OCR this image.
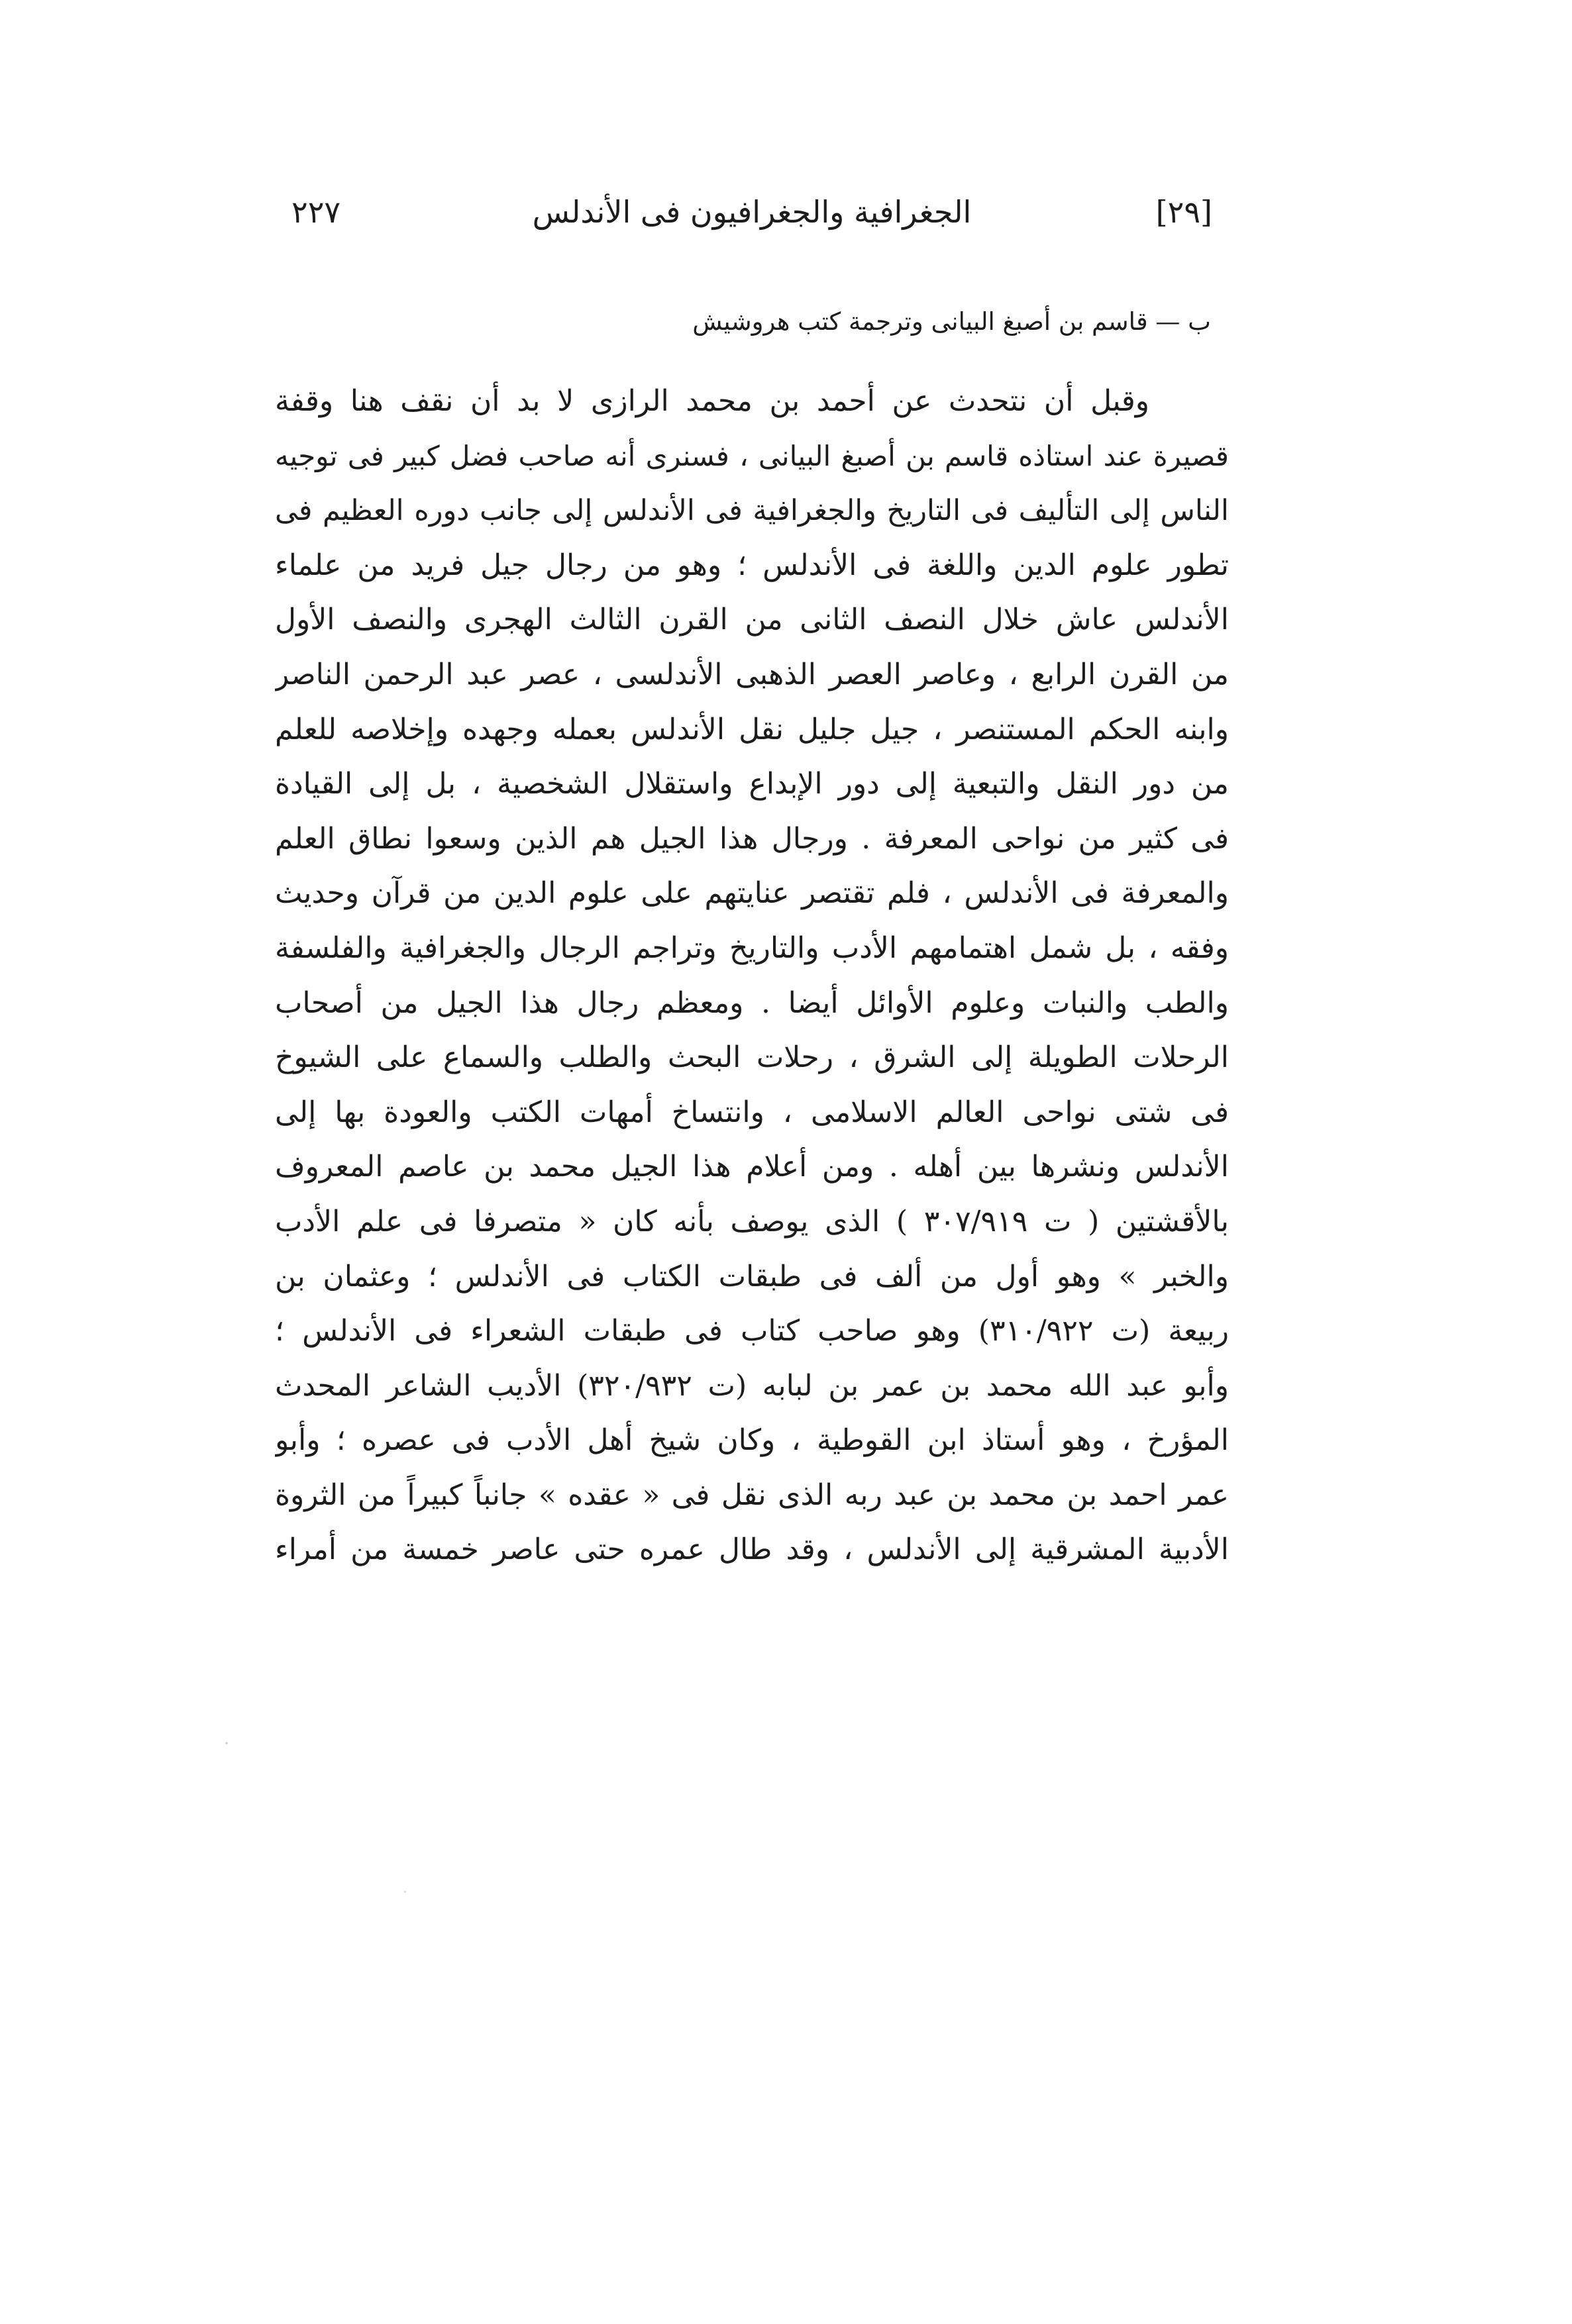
[٢٩]
الجغرافية والجغرافيون فى الأندلس
٢٢٧
ب — قاسم بن أصبغ البيانى وترجمة كتب هروشيش
وقبل أن نتحدث عن أحمد بن محمد الرازى لا بد أن نقف هنا وقفة
قصيرة عند استاذه قاسم بن أصبغ البيانى ، فسنرى أنه صاحب فضل كبير فى توجيه
الناس إلى التأليف فى التاريخ والجغرافية فى الأندلس إلى جانب دوره العظيم فى
تطور علوم الدين واللغة فى الأندلس ؛ وهو من رجال جيل فريد من علماء
الأندلس عاش خلال النصف الثانى من القرن الثالث الهجرى والنصف الأول
من القرن الرابع ، وعاصر العصر الذهبى الأندلسى ، عصر عبد الرحمن الناصر
وابنه الحكم المستنصر ، جيل جليل نقل الأندلس بعمله وجهده وإخلاصه للعلم
من دور النقل والتبعية إلى دور الإبداع واستقلال الشخصية ، بل إلى القيادة
فى كثير من نواحى المعرفة . ورجال هذا الجيل هم الذين وسعوا نطاق العلم
والمعرفة فى الأندلس ، فلم تقتصر عنايتهم على علوم الدين من قرآن وحديث
وفقه ، بل شمل اهتمامهم الأدب والتاريخ وتراجم الرجال والجغرافية والفلسفة
والطب والنبات وعلوم الأوائل أيضا . ومعظم رجال هذا الجيل من أصحاب
الرحلات الطويلة إلى الشرق ، رحلات البحث والطلب والسماع على الشيوخ
فى شتى نواحى العالم الاسلامى ، وانتساخ أمهات الكتب والعودة بها إلى
الأندلس ونشرها بين أهله . ومن أعلام هذا الجيل محمد بن عاصم المعروف
بالأقشتين ( ت ٣٠٧/٩١٩ ) الذى يوصف بأنه كان « متصرفا فى علم الأدب
والخبر » وهو أول من ألف فى طبقات الكتاب فى الأندلس ؛ وعثمان بن
ربيعة (ت ٣١٠/٩٢٢) وهو صاحب كتاب فى طبقات الشعراء فى الأندلس ؛
وأبو عبد الله محمد بن عمر بن لبابه (ت ٣٢٠/٩٣٢) الأديب الشاعر المحدث
المؤرخ ، وهو أستاذ ابن القوطية ، وكان شيخ أهل الأدب فى عصره ؛ وأبو
عمر احمد بن محمد بن عبد ربه الذى نقل فى « عقده » جانباً كبيراً من الثروة
الأدبية المشرقية إلى الأندلس ، وقد طال عمره حتى عاصر خمسة من أمراء
